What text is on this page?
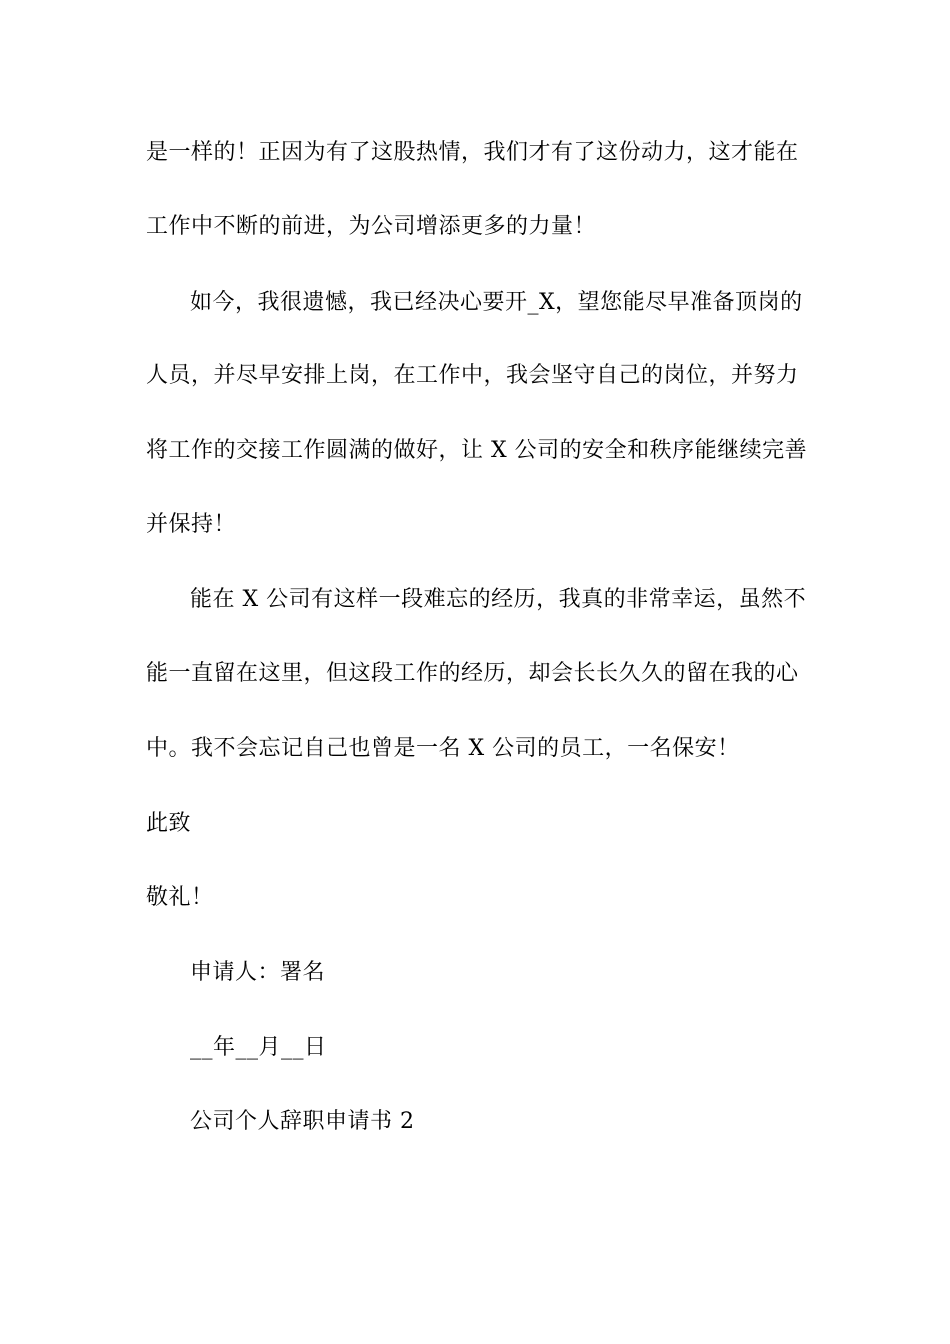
是一样的！正因为有了这股热情，我们才有了这份动力，这才能在
工作中不断的前进，为公司增添更多的力量！
如今，我很遗憾，我已经决心要开_X，望您能尽早准备顶岗的
人员，并尽早安排上岗，在工作中，我会坚守自己的岗位，并努力
将工作的交接工作圆满的做好，让 X 公司的安全和秩序能继续完善
并保持！
能在 X 公司有这样一段难忘的经历，我真的非常幸运，虽然不
能一直留在这里，但这段工作的经历，却会长长久久的留在我的心
中。我不会忘记自己也曾是一名 X 公司的员工，一名保安！
此致
敬礼！
申请人：署名
__年__月__日
公司个人辞职申请书 2
